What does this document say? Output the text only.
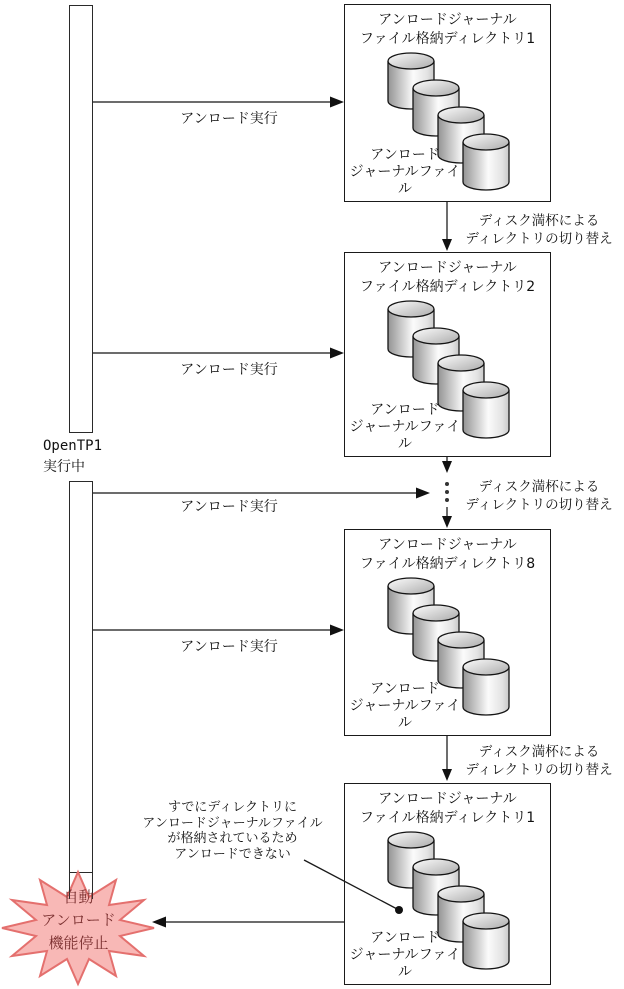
OpenTP1
実行中
アンロードジャーナル
ファイル格納ディレクトリ1
アンロード
ジャーナルファイル
アンロードジャーナル
ファイル格納ディレクトリ2
アンロード
ジャーナルファイル
アンロードジャーナル
ファイル格納ディレクトリ8
アンロード
ジャーナルファイル
アンロードジャーナル
ファイル格納ディレクトリ1
アンロード
ジャーナルファイル
アンロード実行
アンロード実行
アンロード実行
アンロード実行
ディスク満杯による
ディレクトリの切り替え
ディスク満杯による
ディレクトリの切り替え
ディスク満杯による
ディレクトリの切り替え
すでにディレクトリに
アンロードジャーナルファイル
が格納されているため
アンロードできない
自動
アンロード
機能停止
